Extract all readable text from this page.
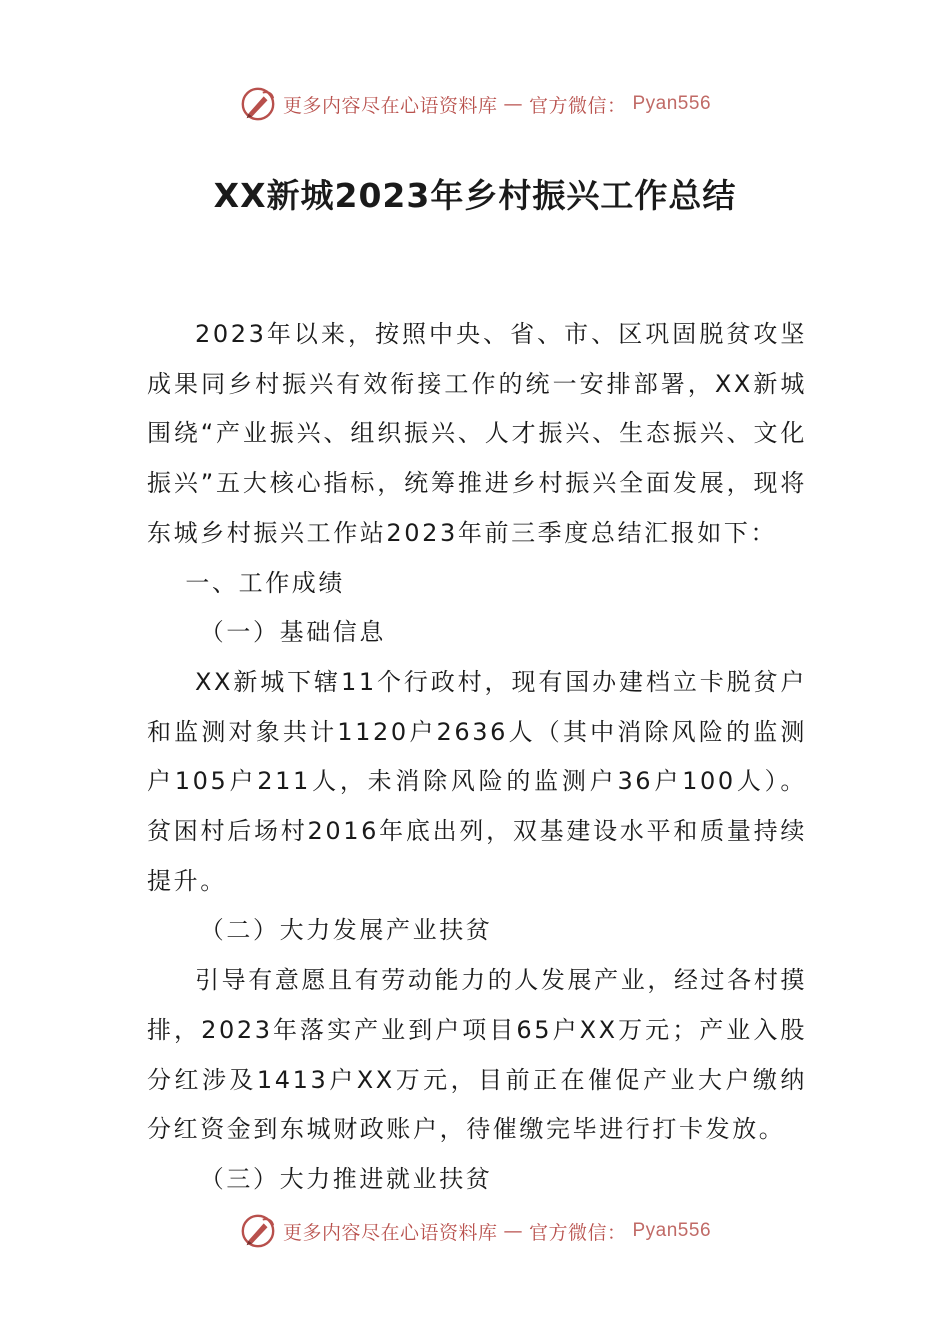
更多内容尽在心语资料库 — 官方微信： Pyan556
XX新城2023年乡村振兴工作总结

2023年以来，按照中央、省、市、区巩固脱贫攻坚成果同乡村振兴有效衔接工作的统一安排部署，XX新城围绕“产业振兴、组织振兴、人才振兴、生态振兴、文化振兴”五大核心指标，统筹推进乡村振兴全面发展，现将东城乡村振兴工作站2023年前三季度总结汇报如下：

一、工作成绩

（一）基础信息

XX新城下辖11个行政村，现有国办建档立卡脱贫户和监测对象共计1120户2636人（其中消除风险的监测户105户211人，未消除风险的监测户36户100人）。贫困村后场村2016年底出列，双基建设水平和质量持续提升。

（二）大力发展产业扶贫

引导有意愿且有劳动能力的人发展产业，经过各村摸排，2023年落实产业到户项目65户XX万元；产业入股分红涉及1413户XX万元，目前正在催促产业大户缴纳分红资金到东城财政账户，待催缴完毕进行打卡发放。

（三）大力推进就业扶贫

更多内容尽在心语资料库 — 官方微信： Pyan556
